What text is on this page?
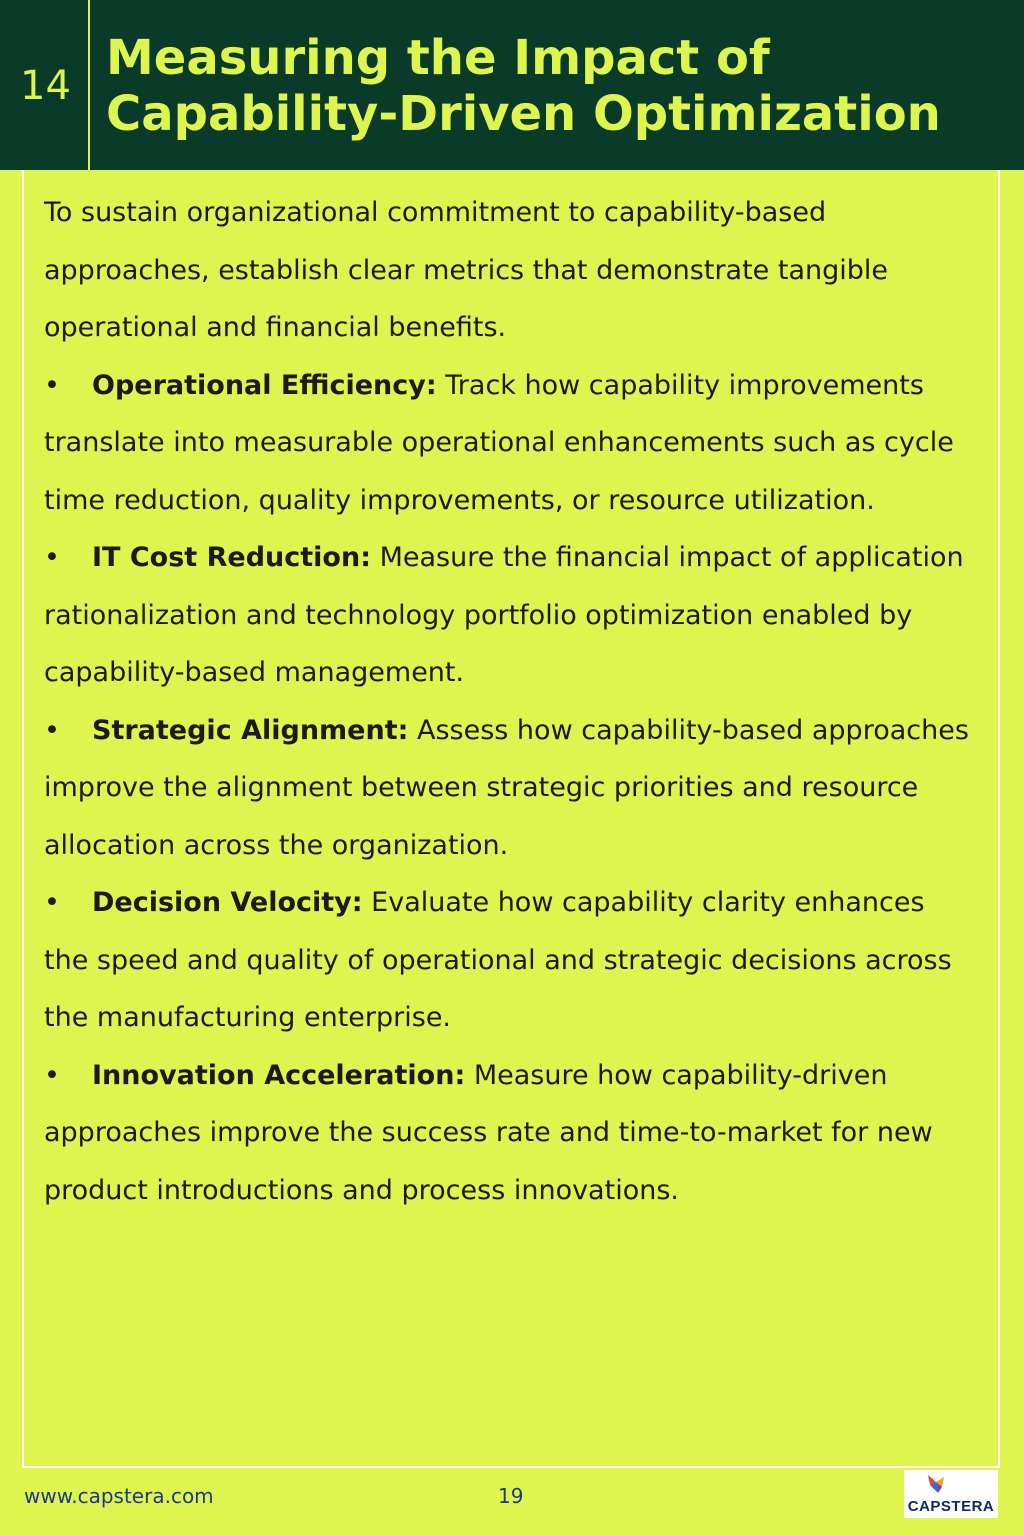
14 Measuring the Impact of
Capability-Driven Optimization

To sustain organizational commitment to capability-based approaches, establish clear metrics that demonstrate tangible operational and financial benefits.

• Operational Efficiency: Track how capability improvements translate into measurable operational enhancements such as cycle time reduction, quality improvements, or resource utilization.

• IT Cost Reduction: Measure the financial impact of application rationalization and technology portfolio optimization enabled by capability-based management.

• Strategic Alignment: Assess how capability-based approaches improve the alignment between strategic priorities and resource allocation across the organization.

• Decision Velocity: Evaluate how capability clarity enhances the speed and quality of operational and strategic decisions across the manufacturing enterprise.

• Innovation Acceleration: Measure how capability-driven approaches improve the success rate and time-to-market for new product introductions and process innovations.

www.capstera.com	19	CAPSTERA
